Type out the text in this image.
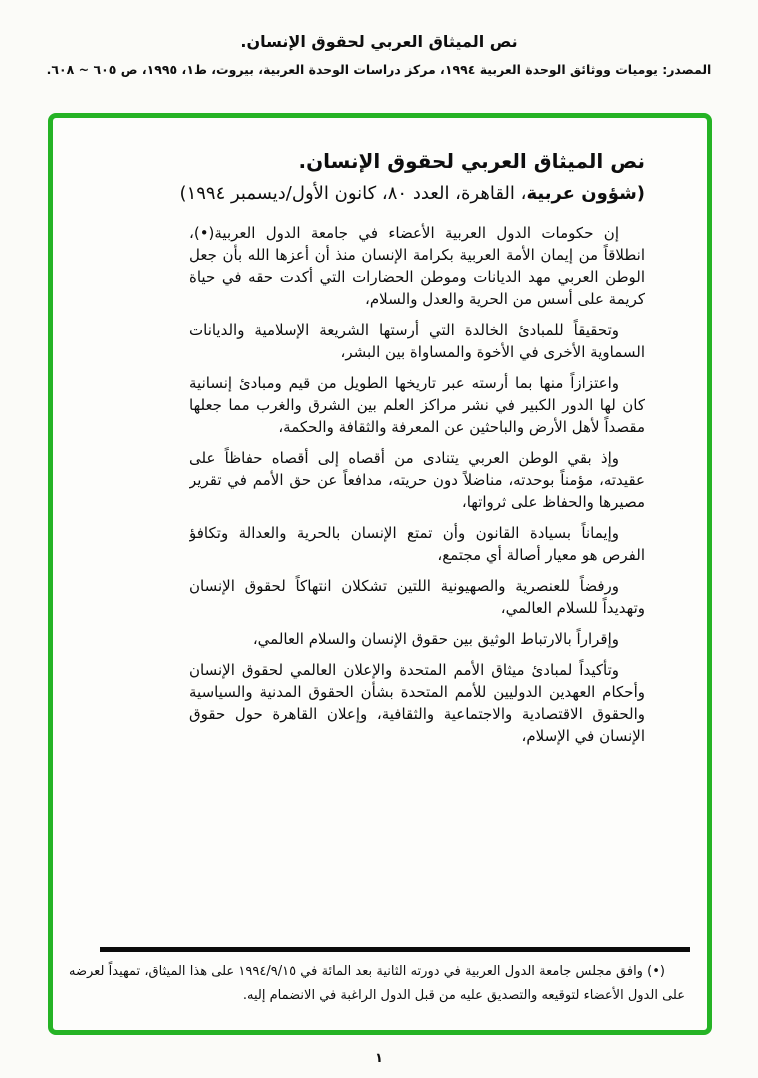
نص الميثاق العربي لحقوق الإنسان.
المصدر: يوميات ووثائق الوحدة العربية ١٩٩٤، مركز دراسات الوحدة العربية، بيروت، ط١، ١٩٩٥، ص ٦٠٥ ~ ٦٠٨.
نص الميثاق العربي لحقوق الإنسان.
(شؤون عربية، القاهرة، العدد ٨٠، كانون الأول/ديسمبر ١٩٩٤)

إن حكومات الدول العربية الأعضاء في جامعة الدول العربية(•)، انطلاقاً من إيمان الأمة العربية بكرامة الإنسان منذ أن أعزها الله بأن جعل الوطن العربي مهد الديانات وموطن الحضارات التي أكدت حقه في حياة كريمة على أسس من الحرية والعدل والسلام،

وتحقيقاً للمبادئ الخالدة التي أرستها الشريعة الإسلامية والديانات السماوية الأخرى في الأخوة والمساواة بين البشر،

واعتزازاً منها بما أرسته عبر تاريخها الطويل من قيم ومبادئ إنسانية كان لها الدور الكبير في نشر مراكز العلم بين الشرق والغرب مما جعلها مقصداً لأهل الأرض والباحثين عن المعرفة والثقافة والحكمة،

وإذ بقي الوطن العربي يتنادى من أقصاه إلى أقصاه حفاظاً على عقيدته، مؤمناً بوحدته، مناضلاً دون حريته، مدافعاً عن حق الأمم في تقرير مصيرها والحفاظ على ثرواتها،

وإيماناً بسيادة القانون وأن تمتع الإنسان بالحرية والعدالة وتكافؤ الفرص هو معيار أصالة أي مجتمع،

ورفضاً للعنصرية والصهيونية اللتين تشكلان انتهاكاً لحقوق الإنسان وتهديداً للسلام العالمي،

وإقراراً بالارتباط الوثيق بين حقوق الإنسان والسلام العالمي،

وتأكيداً لمبادئ ميثاق الأمم المتحدة والإعلان العالمي لحقوق الإنسان وأحكام العهدين الدوليين للأمم المتحدة بشأن الحقوق المدنية والسياسية والحقوق الاقتصادية والاجتماعية والثقافية، وإعلان القاهرة حول حقوق الإنسان في الإسلام،

(•) وافق مجلس جامعة الدول العربية في دورته الثانية بعد المائة في ١٩٩٤/٩/١٥ على هذا الميثاق، تمهيداً لعرضه على الدول الأعضاء لتوقيعه والتصديق عليه من قبل الدول الراغبة في الانضمام إليه.
١
